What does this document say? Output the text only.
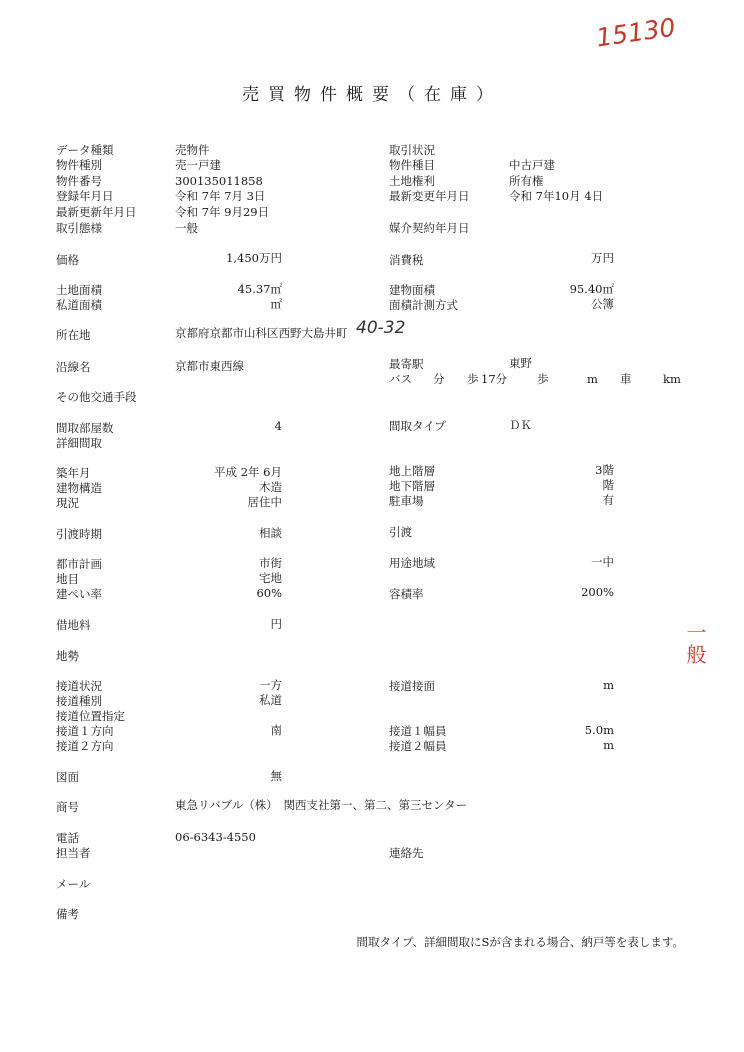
15130
一般
40-32
売買物件概要（在庫）
データ種類	売物件
物件種別	売一戸建
物件番号	300135011858
登録年月日	令和 7年 7月 3日
最新更新年月日	令和 7年 9月29日
取引態様	一般
価格	1,450万円
土地面積	45.37㎡
私道面積	㎡
所在地	京都府京都市山科区西野大島井町
沿線名	京都市東西線
その他交通手段
間取部屋数	4
詳細間取
築年月	平成 2年 6月
建物構造	木造
現況	居住中
引渡時期	相談
都市計画	市街
地目	宅地
建ぺい率	60%
借地料	円
地勢
接道状況	一方
接道種別	私道
接道位置指定
接道１方向	南
接道２方向
図面	無
商号	東急リバブル（株）　関西支社第一、第二、第三センター
電話	06-6343-4550
担当者
メール
備考
取引状況
物件種目	中古戸建
土地権利	所有権
最新変更年月日	令和 7年10月 4日
媒介契約年月日
消費税	万円
建物面積	95.40㎡
面積計測方式	公簿
最寄駅	東野
バス 分 歩 17分	歩	m 車	km
間取タイプ	ＤＫ
地上階層	3階
地下階層	階
駐車場	有
引渡
用途地域	一中
容積率	200%
接道接面	m
接道１幅員	5.0m
接道２幅員	m
連絡先
間取タイプ、詳細間取にSが含まれる場合、納戸等を表します。
